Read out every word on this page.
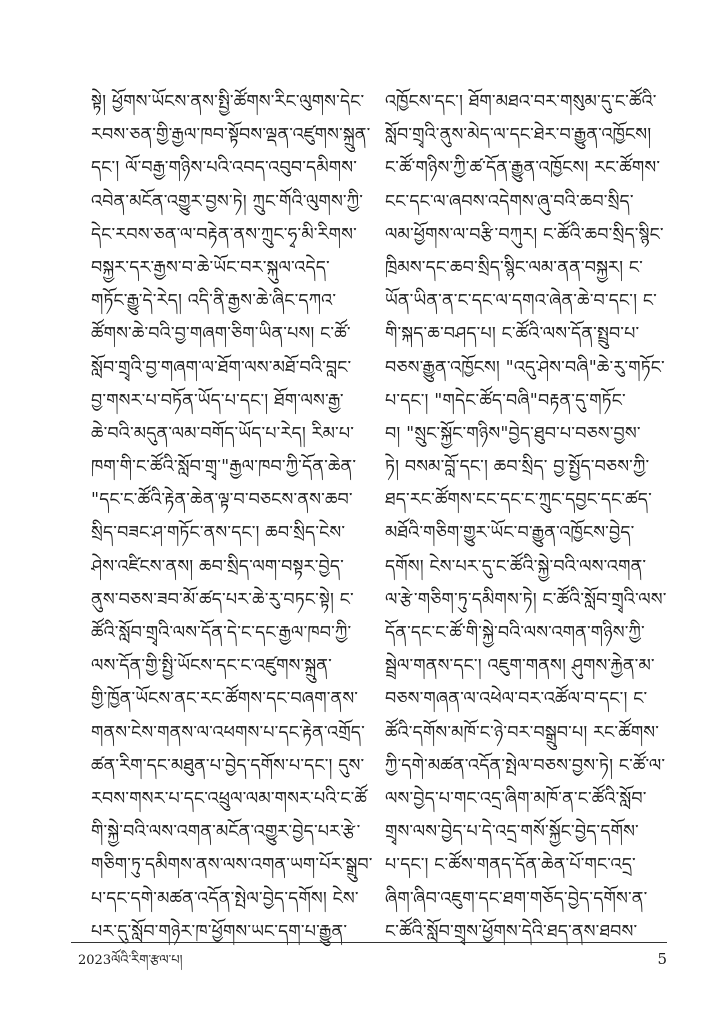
སྟེ། ཕྱོགས་ཡོངས་ནས་སྤྱི་ཚོགས་རིང་ལུགས་དེང་
རབས་ཅན་གྱི་རྒྱལ་ཁབ་སྟོབས་ལྡན་འཛུགས་སྐྲུན་
དང་། ལོ་བརྒྱ་གཉིས་པའི་འབད་འབུབ་དམིགས་
འབེན་མངོན་འགྱུར་བྱས་ཏེ། ཀྲུང་གོའི་ལུགས་ཀྱི་
དེང་རབས་ཅན་ལ་བརྟེན་ནས་ཀྲུང་ཧྭ་མི་རིགས་
བསྐྱར་དར་རྒྱས་བ་ཆེ་ཡོང་བར་སྐུལ་འདེད་
གཏོང་རྒྱུ་དེ་རེད། འདི་ནི་རྒྱས་ཆེ་ཞིང་དཀའ་
ཚོགས་ཆེ་བའི་བྱ་གཞག་ཅིག་ཡིན་པས། ང་ཚོ་
སློབ་གྲྭའི་བྱ་གཞག་ལ་ཐོག་ལས་མཐོ་བའི་བླང་
བྱ་གསར་པ་བཏོན་ཡོད་པ་དང་། ཐོག་ལས་རྒྱ་
ཆེ་བའི་མདུན་ལམ་བགོད་ཡོད་པ་རེད། རིམ་པ་
ཁག་གི་ང་ཚོའི་སློབ་གྲྭ་"རྒྱལ་ཁབ་ཀྱི་དོན་ཆེན་
"དང་ང་ཚོའི་རྟེན་ཆེན་ལྟ་བ་བཅངས་ནས་ཆབ་
སྲིད་བཟང་ཤ་གཏོང་ནས་དང་། ཆབ་སྲིད་ངེས་
ཤེས་འཛིངས་ནས། ཆབ་སྲིད་ལག་བསྟར་བྱེད་
ནུས་བཅས་ཟབ་མོ་ཚད་པར་ཆེ་རུ་བཏང་སྟེ། ང་
ཚོའི་སློབ་གྲྭའི་ལས་དོན་དེ་ང་དང་རྒྱལ་ཁབ་ཀྱི་
ལས་དོན་གྱི་སྤྱི་ཡོངས་དང་ང་འཛུགས་སྐྲུན་
གྱི་ཁྱོན་ཡོངས་ནང་རང་ཚོགས་དང་བཞག་ནས་
གནས་ངེས་གནས་ལ་འཕགས་པ་དང་རྟེན་འགྲོད་
ཚན་རིག་དང་མཐུན་པ་བྱེད་དགོས་པ་དང་། དུས་
རབས་གསར་པ་དང་འཕྲུལ་ལམ་གསར་པའི་ང་ཚོ
གི་སྐྱེ་བའི་ལས་འགན་མངོན་འགྱུར་བྱེད་པར་རྩེ་
གཅིག་ཏུ་དམིགས་ནས་ལས་འགན་ཡག་པོར་སྒྲུབ་
པ་དང་དགེ་མཚན་འདོན་སྤེལ་བྱེད་དགོས། ངེས་
པར་དུ་སློབ་གཉེར་ཁ་ཕྱོགས་ཡང་དག་པ་རྒྱུན་
འཁྱོངས་དང་། ཐོག་མཐའ་བར་གསུམ་དུ་ང་ཚོའི་
སློབ་གྲྭའི་ནུས་མེད་ལ་དང་ཐེར་བ་རྒྱུན་འཁྱོངས།
ང་ཚོ་གཉིས་ཀྱི་ཚ་དོན་རྒྱུན་འཁྱོངས། རང་ཚོགས་
ངང་དང་ལ་ཞབས་འདེགས་ཞུ་བའི་ཆབ་སྲིད་
ལམ་ཕྱོགས་ལ་བརྩི་བཀུར། ང་ཚོའི་ཆབ་སྲིད་སྙིང་
ཁྲིམས་དང་ཆབ་སྲིད་སྙིང་ལམ་ནན་བསྐྱར། ང་
ཡོན་ཡིན་ན་ང་དང་ལ་དགའ་ཞེན་ཆེ་བ་དང་། ང་
གི་སྐད་ཆ་བཤད་པ། ང་ཚོའི་ལས་དོན་སྤྲུབ་པ་
བཅས་རྒྱུན་འཁྱོངས། "འདུ་ཤེས་བཞི"ཆེ་རུ་གཏོང་
པ་དང་། "གདེང་ཚོད་བཞི"བརྟན་དུ་གཏོང་
བ། "སྲུང་སྐྱོང་གཉིས"བྱེད་ཐུབ་པ་བཅས་བྱས་
ཏེ། བསམ་བློ་དང་། ཆབ་སྲིད་ བྱ་སྤྱོད་བཅས་ཀྱི་
ཐད་རང་ཚོགས་ངང་དང་ང་ཀྲུང་དབྱང་དང་ཚད་
མཐོའི་གཅིག་གྱུར་ཡོང་བ་རྒྱུན་འཁྱོངས་བྱེད་
དགོས། ངེས་པར་དུ་ང་ཚོའི་སྐྱེ་བའི་ལས་འགན་
ལ་རྩེ་གཅིག་ཏུ་དམིགས་ཏེ། ང་ཚོའི་སློབ་གྲྭའི་ལས་
དོན་དང་ང་ཚོ་གི་སྐྱེ་བའི་ལས་འགན་གཉིས་ཀྱི་
སྦྲེལ་གནས་དང་། འཇུག་གནས། ཤུགས་རྐྱེན་མ་
བཅས་གཞན་ལ་འཕེལ་བར་འཚོལ་བ་དང་། ང་
ཚོའི་དགོས་མཁོ་ང་ཉེ་བར་བསྒྲུབ་པ། རང་ཚོགས་
ཀྱི་དགེ་མཚན་འདོན་སྤེལ་བཅས་བྱས་ཏེ། ང་ཚོ་ལ་
ལས་བྱེད་པ་གང་འདྲ་ཞིག་མཁོ་ན་ང་ཚོའི་སློབ་
གྲྭས་ལས་བྱེད་པ་དེ་འདྲ་གསོ་སྐྱོང་བྱེད་དགོས་
པ་དང་། ང་ཚོས་གནད་དོན་ཆེན་པོ་གང་འདྲ་
ཞིག་ཞིབ་འཇུག་དང་ཐག་གཅོད་བྱེད་དགོས་ན་
ང་ཚོའི་སློབ་གྲྭས་ཕྱོགས་དེའི་ཐད་ནས་ཐབས་
2023ལོའི་རིག་རྩལ་པ།	5
